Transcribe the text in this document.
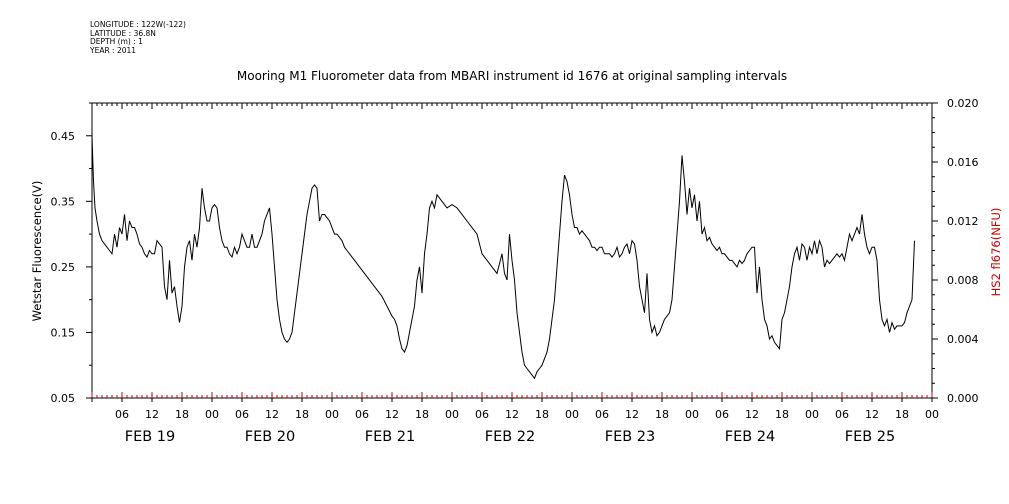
LONGITUDE : 122W(-122)
LATITUDE : 36.8N
DEPTH (m) : 1
YEAR : 2011
Mooring M1 Fluorometer data from MBARI instrument id 1676 at original sampling intervals
0.05
0.15
0.25
0.35
0.45
0.000
0.004
0.008
0.012
0.016
0.020
06 12 18 00
FEB 19
06 12 18 00
FEB 20
06 12 18 00
FEB 21
06 12 18 00
FEB 22
06 12 18 00
FEB 23
06 12 18 00
FEB 24
06 12 18 00
FEB 25
Wetstar Fluorescence(V)	HS2 fl676(NFU)
